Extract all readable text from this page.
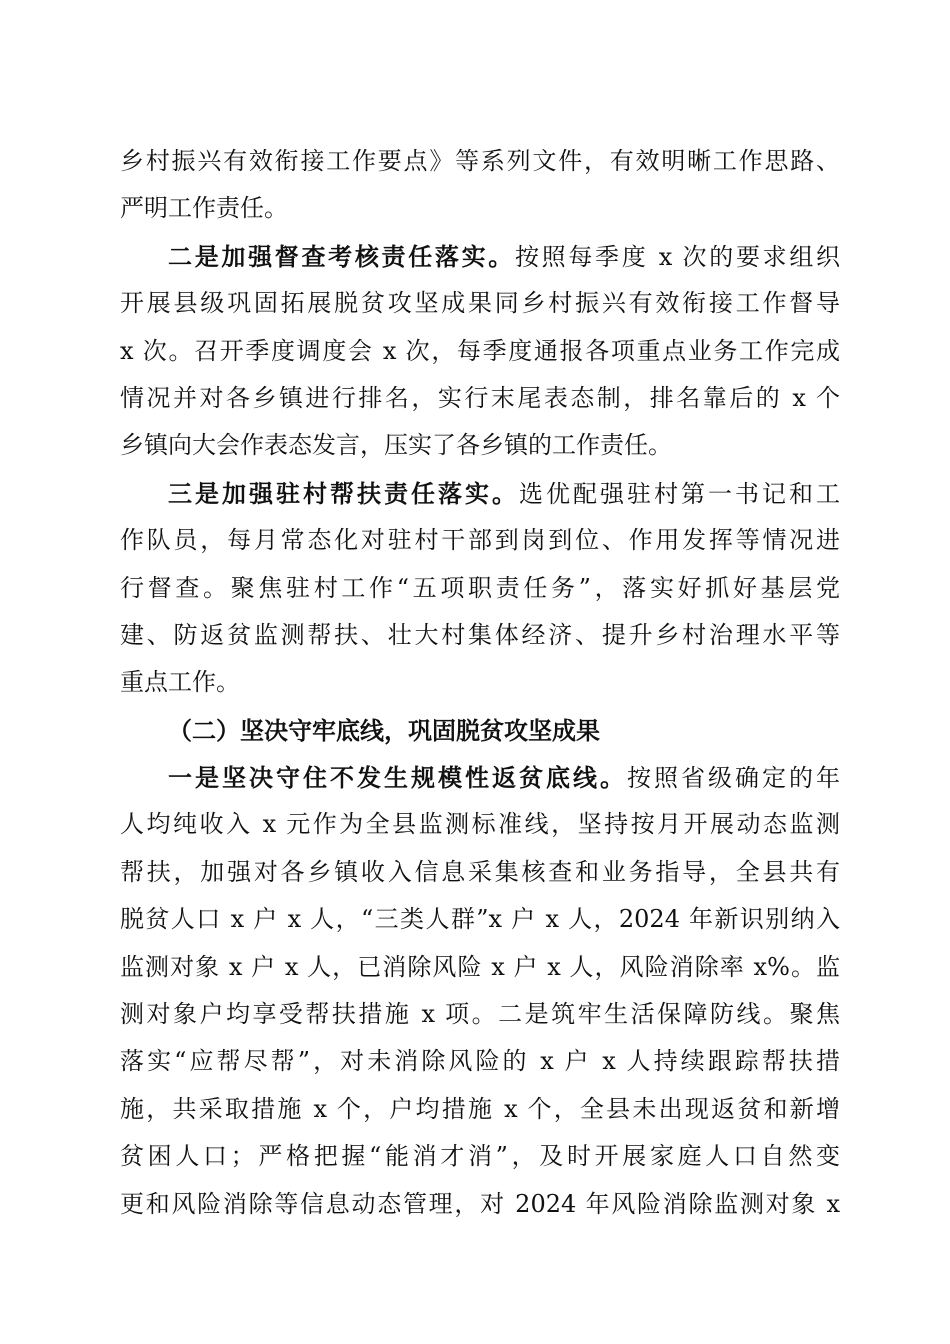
乡村振兴有效衔接工作要点》等系列文件，有效明晰工作思路、
严明工作责任。
二是加强督查考核责任落实。按照每季度 x 次的要求组织
开展县级巩固拓展脱贫攻坚成果同乡村振兴有效衔接工作督导
x 次。召开季度调度会 x 次，每季度通报各项重点业务工作完成
情况并对各乡镇进行排名，实行末尾表态制，排名靠后的 x 个
乡镇向大会作表态发言，压实了各乡镇的工作责任。
三是加强驻村帮扶责任落实。选优配强驻村第一书记和工
作队员，每月常态化对驻村干部到岗到位、作用发挥等情况进
行督查。聚焦驻村工作“五项职责任务”，落实好抓好基层党
建、防返贫监测帮扶、壮大村集体经济、提升乡村治理水平等
重点工作。
（二）坚决守牢底线，巩固脱贫攻坚成果
一是坚决守住不发生规模性返贫底线。按照省级确定的年
人均纯收入 x 元作为全县监测标准线，坚持按月开展动态监测
帮扶，加强对各乡镇收入信息采集核查和业务指导，全县共有
脱贫人口 x 户 x 人，“三类人群”x 户 x 人，2024 年新识别纳入
监测对象 x 户 x 人，已消除风险 x 户 x 人，风险消除率 x%。监
测对象户均享受帮扶措施 x 项。二是筑牢生活保障防线。聚焦
落实“应帮尽帮”，对未消除风险的 x 户 x 人持续跟踪帮扶措
施，共采取措施 x 个，户均措施 x 个，全县未出现返贫和新增
贫困人口；严格把握“能消才消”，及时开展家庭人口自然变
更和风险消除等信息动态管理，对 2024 年风险消除监测对象 x
